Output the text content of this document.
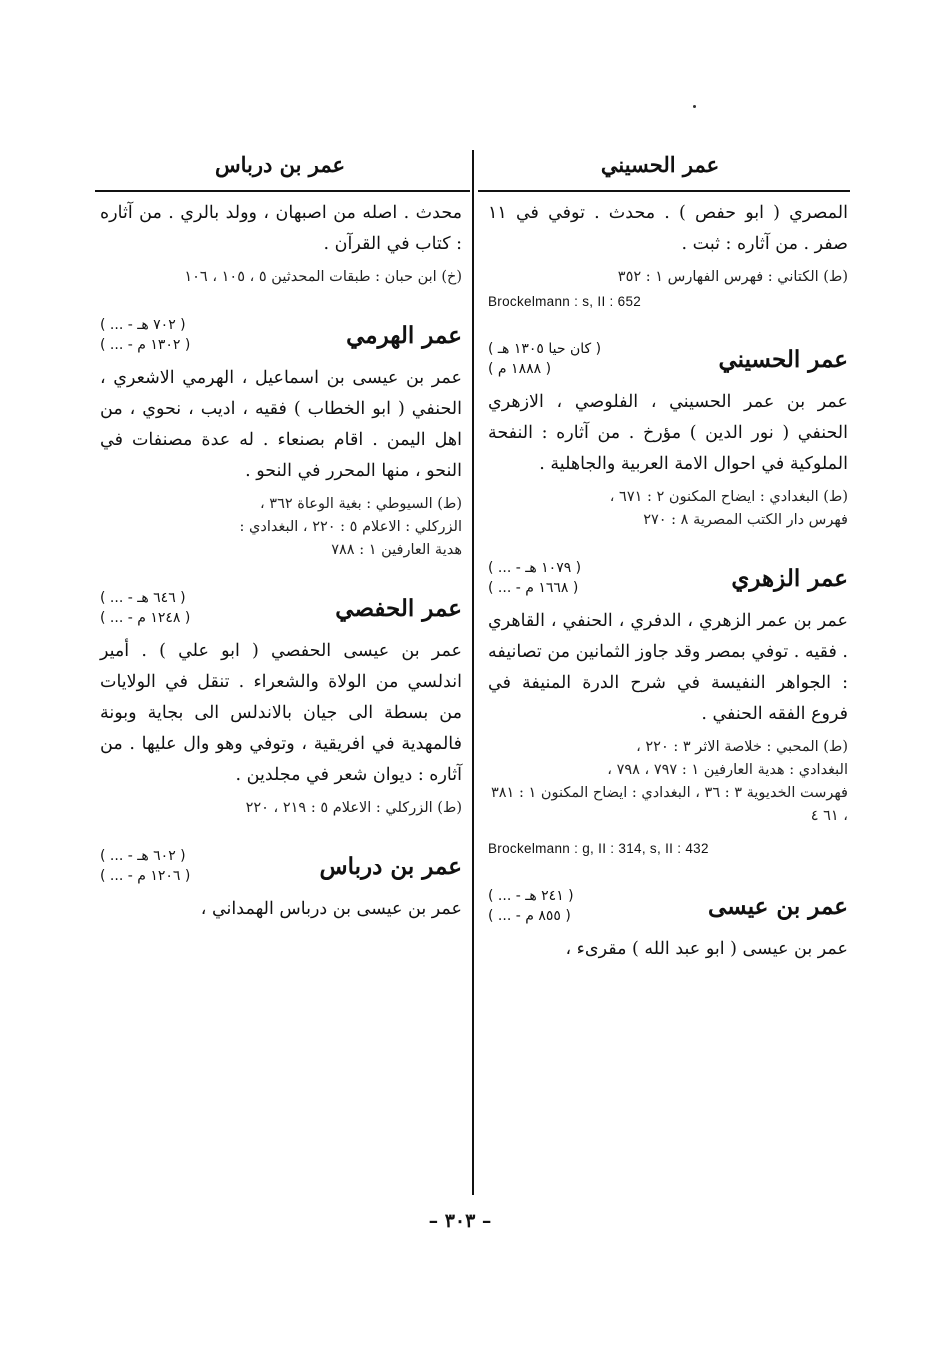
عمر الحسيني
عمر بن درباس

المصري ( ابو حفص ) . محدث . توفي في ١١ صفر . من آثاره : ثبت .

(ط) الكتاني : فهرس الفهارس ١ : ٣٥٢

Brockelmann : s, II : 652

عمر الحسيني
( كان حيا ١٣٠٥ هـ )
( ١٨٨٨ م )

عمر بن عمر الحسيني ، الفلوصي ، الازهري الحنفي ( نور الدين ) مؤرخ . من آثاره : النفحة الملوكية في احوال الامة العربية والجاهلية .

(ط) البغدادي : ايضاح المكنون ٢ : ٦٧١ ،

فهرس دار الكتب المصرية ٨ : ٢٧٠

عمر الزهري
( ... - ١٠٧٩ هـ )
( ... - ١٦٦٨ م )

عمر بن عمر الزهري ، الدفري ، الحنفي ، القاهري . فقيه . توفي بمصر وقد جاوز الثمانين من تصانيفه : الجواهر النفيسة في شرح الدرة المنيفة في فروع الفقه الحنفي .

(ط) المحبي : خلاصة الاثر ٣ : ٢٢٠ ،

البغدادي : هدية العارفين ١ : ٧٩٧ ، ٧٩٨ ،

فهرست الخديوية ٣ : ٣٦ ، البغدادي : ايضاح المكنون ١ : ٣٨١ ، ٦١ ٤

Brockelmann : g, II : 314, s, II : 432

عمر بن عيسى
( ... - ٢٤١ هـ )
( ... - ٨٥٥ م )

عمر بن عيسى ( ابو عبد الله ) مقرىء ،

محدث . اصله من اصبهان ، وولد بالري . من آثاره : كتاب في القرآن .

(خ) ابن حبان : طبقات المحدثين ٥ ، ١٠٥ ، ١٠٦

عمر الهرمي
( ... - ٧٠٢ هـ )
( ... - ١٣٠٢ م )

عمر بن عيسى بن اسماعيل ، الهرمي الاشعري ، الحنفي ( ابو الخطاب ) فقيه ، اديب ، نحوي ، من اهل اليمن . اقام بصنعاء . له عدة مصنفات في النحو ، منها المحرر في النحو .

(ط) السيوطي : بغية الوعاة ٣٦٢ ،

الزركلي : الاعلام ٥ : ٢٢٠ ، البغدادي :

هدية العارفين ١ : ٧٨٨

عمر الحفصي
( ... - ٦٤٦ هـ )
( ... - ١٢٤٨ م )

عمر بن عيسى الحفصي ( ابو علي ) . أمير اندلسي من الولاة والشعراء . تنقل في الولايات من بسطة الى جيان بالاندلس الى بجاية وبونة فالمهدية في افريقية ، وتوفي وهو وال عليها . من آثاره : ديوان شعر في مجلدين .

(ط) الزركلي : الاعلام ٥ : ٢١٩ ، ٢٢٠

عمر بن درباس
( ... - ٦٠٢ هـ )
( ... - ١٢٠٦ م )

عمر بن عيسى بن درباس الهمداني ،

– ٣٠٣ –
